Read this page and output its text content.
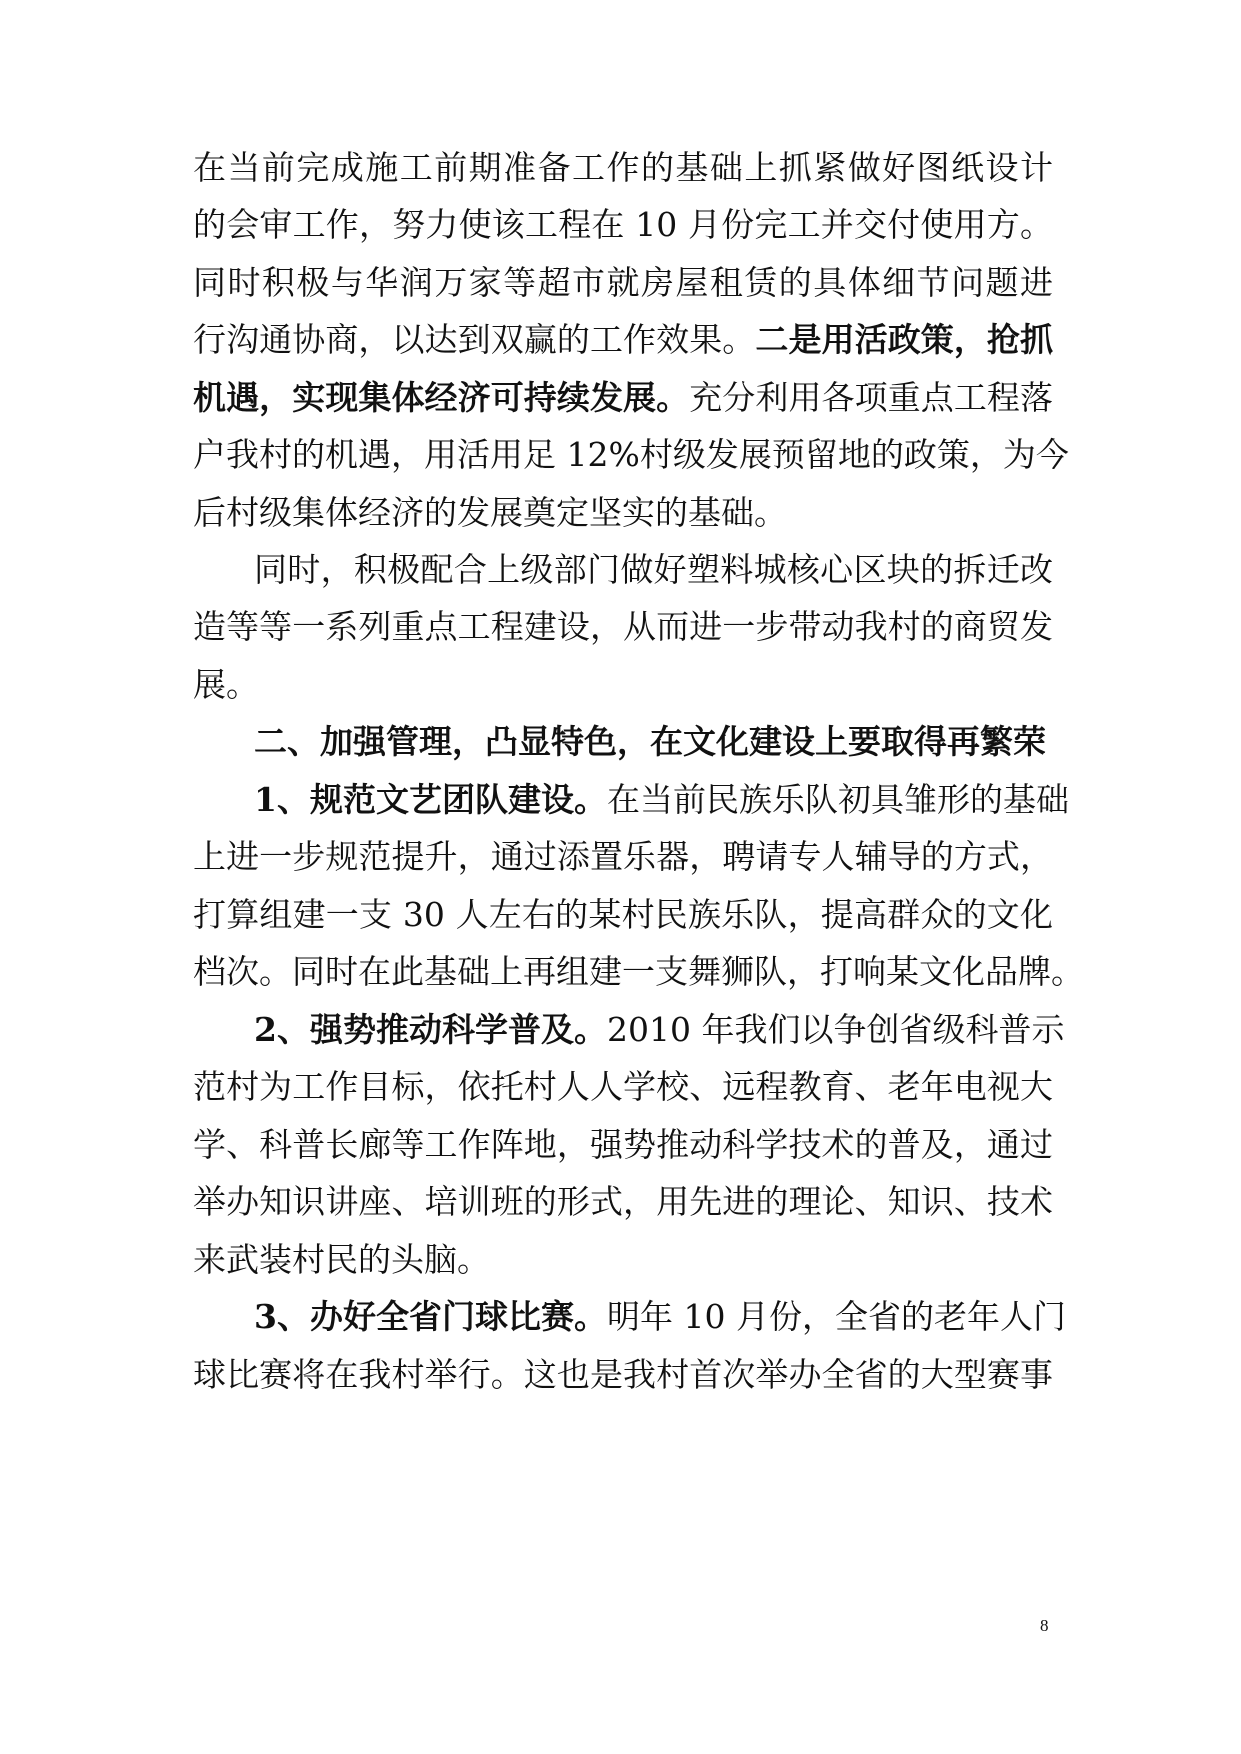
在当前完成施工前期准备工作的基础上抓紧做好图纸设计
的会审工作，努力使该工程在 10 月份完工并交付使用方。
同时积极与华润万家等超市就房屋租赁的具体细节问题进
行沟通协商，以达到双赢的工作效果。二是用活政策，抢抓
机遇，实现集体经济可持续发展。充分利用各项重点工程落
户我村的机遇，用活用足 12%村级发展预留地的政策，为今
后村级集体经济的发展奠定坚实的基础。
同时，积极配合上级部门做好塑料城核心区块的拆迁改
造等等一系列重点工程建设，从而进一步带动我村的商贸发
展。
二、加强管理，凸显特色，在文化建设上要取得再繁荣
1、规范文艺团队建设。在当前民族乐队初具雏形的基础
上进一步规范提升，通过添置乐器，聘请专人辅导的方式，
打算组建一支 30 人左右的某村民族乐队，提高群众的文化
档次。同时在此基础上再组建一支舞狮队，打响某文化品牌。
2、强势推动科学普及。2010 年我们以争创省级科普示
范村为工作目标，依托村人人学校、远程教育、老年电视大
学、科普长廊等工作阵地，强势推动科学技术的普及，通过
举办知识讲座、培训班的形式，用先进的理论、知识、技术
来武装村民的头脑。
3、办好全省门球比赛。明年 10 月份，全省的老年人门
球比赛将在我村举行。这也是我村首次举办全省的大型赛事
8
